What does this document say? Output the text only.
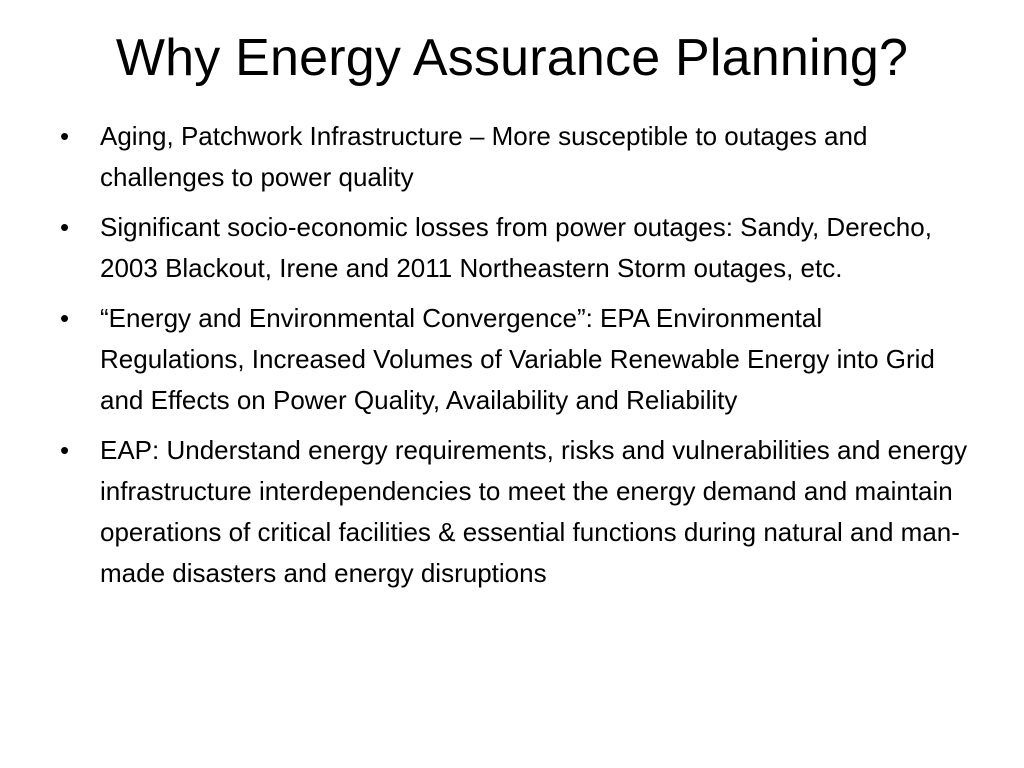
Why Energy Assurance Planning?
•	Aging, Patchwork Infrastructure – More susceptible to outages and challenges to power quality
•	Significant socio-economic losses from power outages: Sandy, Derecho, 2003 Blackout, Irene and 2011 Northeastern Storm outages, etc.
•	“Energy and Environmental Convergence”: EPA Environmental Regulations, Increased Volumes of Variable Renewable Energy into Grid and Effects on Power Quality, Availability and Reliability
•	EAP: Understand energy requirements, risks and vulnerabilities and energy infrastructure interdependencies to meet the energy demand and maintain operations of critical facilities & essential functions during natural and man-made disasters and energy disruptions
